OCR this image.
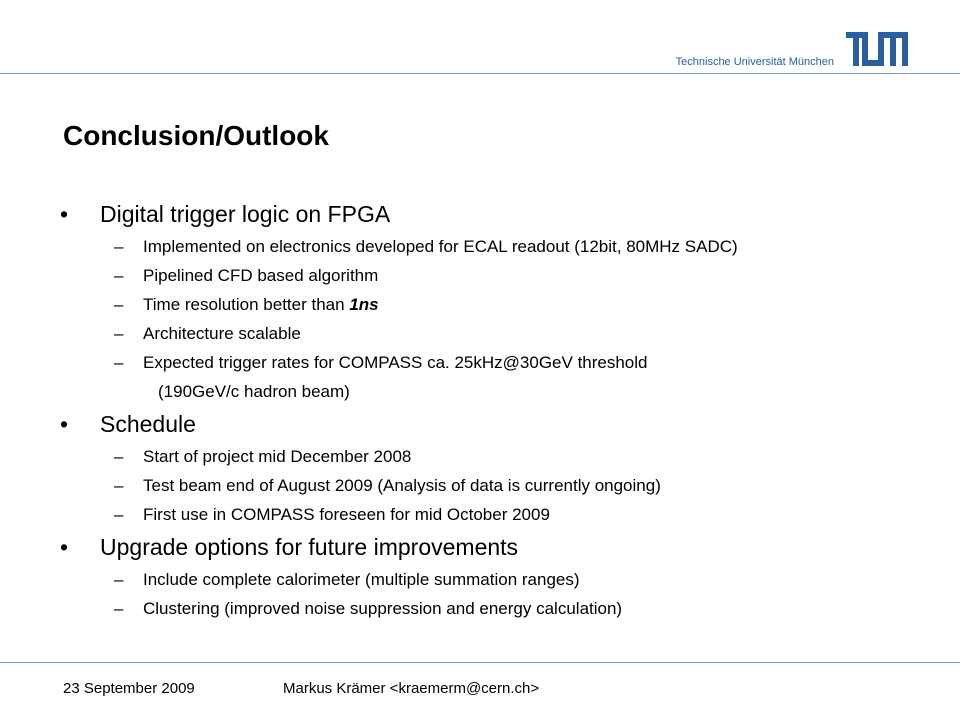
Technische Universität München
Conclusion/Outlook
• Digital trigger logic on FPGA
– Implemented on electronics developed for ECAL readout (12bit, 80MHz SADC)
– Pipelined CFD based algorithm
– Time resolution better than 1ns
– Architecture scalable
– Expected trigger rates for COMPASS ca. 25kHz@30GeV threshold
(190GeV/c hadron beam)
• Schedule
– Start of project mid December 2008
– Test beam end of August 2009 (Analysis of data is currently ongoing)
– First use in COMPASS foreseen for mid October 2009
• Upgrade options for future improvements
– Include complete calorimeter (multiple summation ranges)
– Clustering (improved noise suppression and energy calculation)
23 September 2009	Markus Krämer <kraemerm@cern.ch>
